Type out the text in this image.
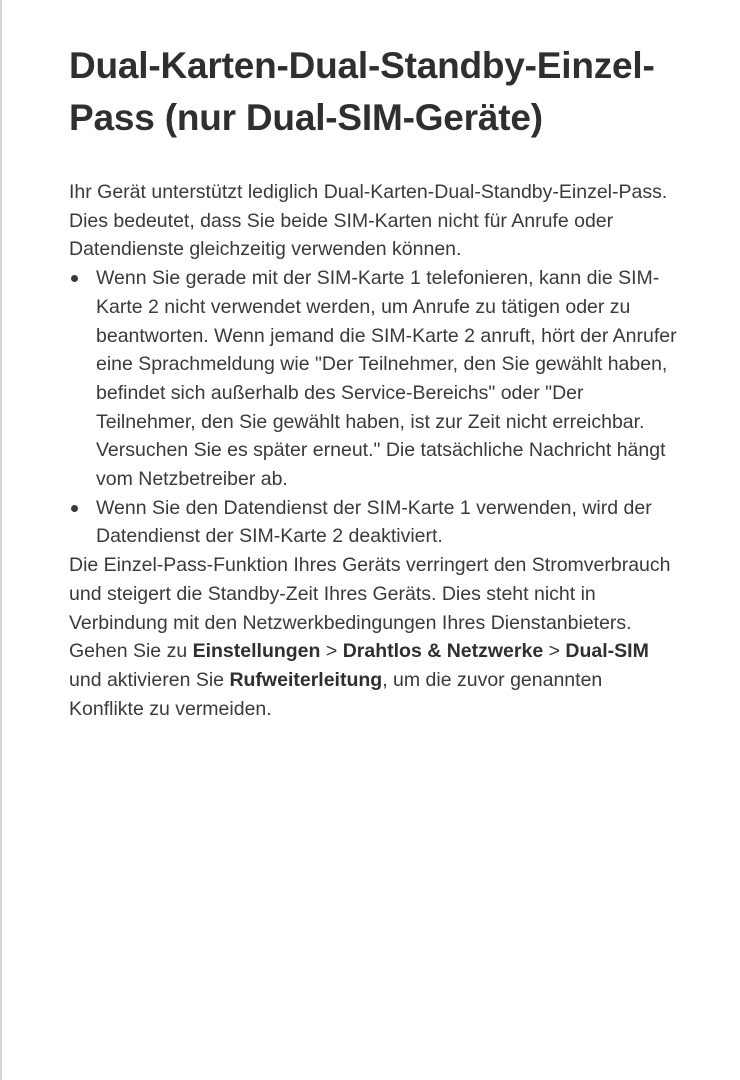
Dual-Karten-Dual-Standby-Einzel-Pass (nur Dual-SIM-Geräte)

Ihr Gerät unterstützt lediglich Dual-Karten-Dual-Standby-Einzel-Pass. Dies bedeutet, dass Sie beide SIM-Karten nicht für Anrufe oder Datendienste gleichzeitig verwenden können.

Wenn Sie gerade mit der SIM-Karte 1 telefonieren, kann die SIM-Karte 2 nicht verwendet werden, um Anrufe zu tätigen oder zu beantworten. Wenn jemand die SIM-Karte 2 anruft, hört der Anrufer eine Sprachmeldung wie "Der Teilnehmer, den Sie gewählt haben, befindet sich außerhalb des Service-Bereichs" oder "Der Teilnehmer, den Sie gewählt haben, ist zur Zeit nicht erreichbar. Versuchen Sie es später erneut." Die tatsächliche Nachricht hängt vom Netzbetreiber ab.
Wenn Sie den Datendienst der SIM-Karte 1 verwenden, wird der Datendienst der SIM-Karte 2 deaktiviert.

Die Einzel-Pass-Funktion Ihres Geräts verringert den Stromverbrauch und steigert die Standby-Zeit Ihres Geräts. Dies steht nicht in Verbindung mit den Netzwerkbedingungen Ihres Dienstanbieters.

Gehen Sie zu Einstellungen > Drahtlos & Netzwerke > Dual-SIM und aktivieren Sie Rufweiterleitung, um die zuvor genannten Konflikte zu vermeiden.
